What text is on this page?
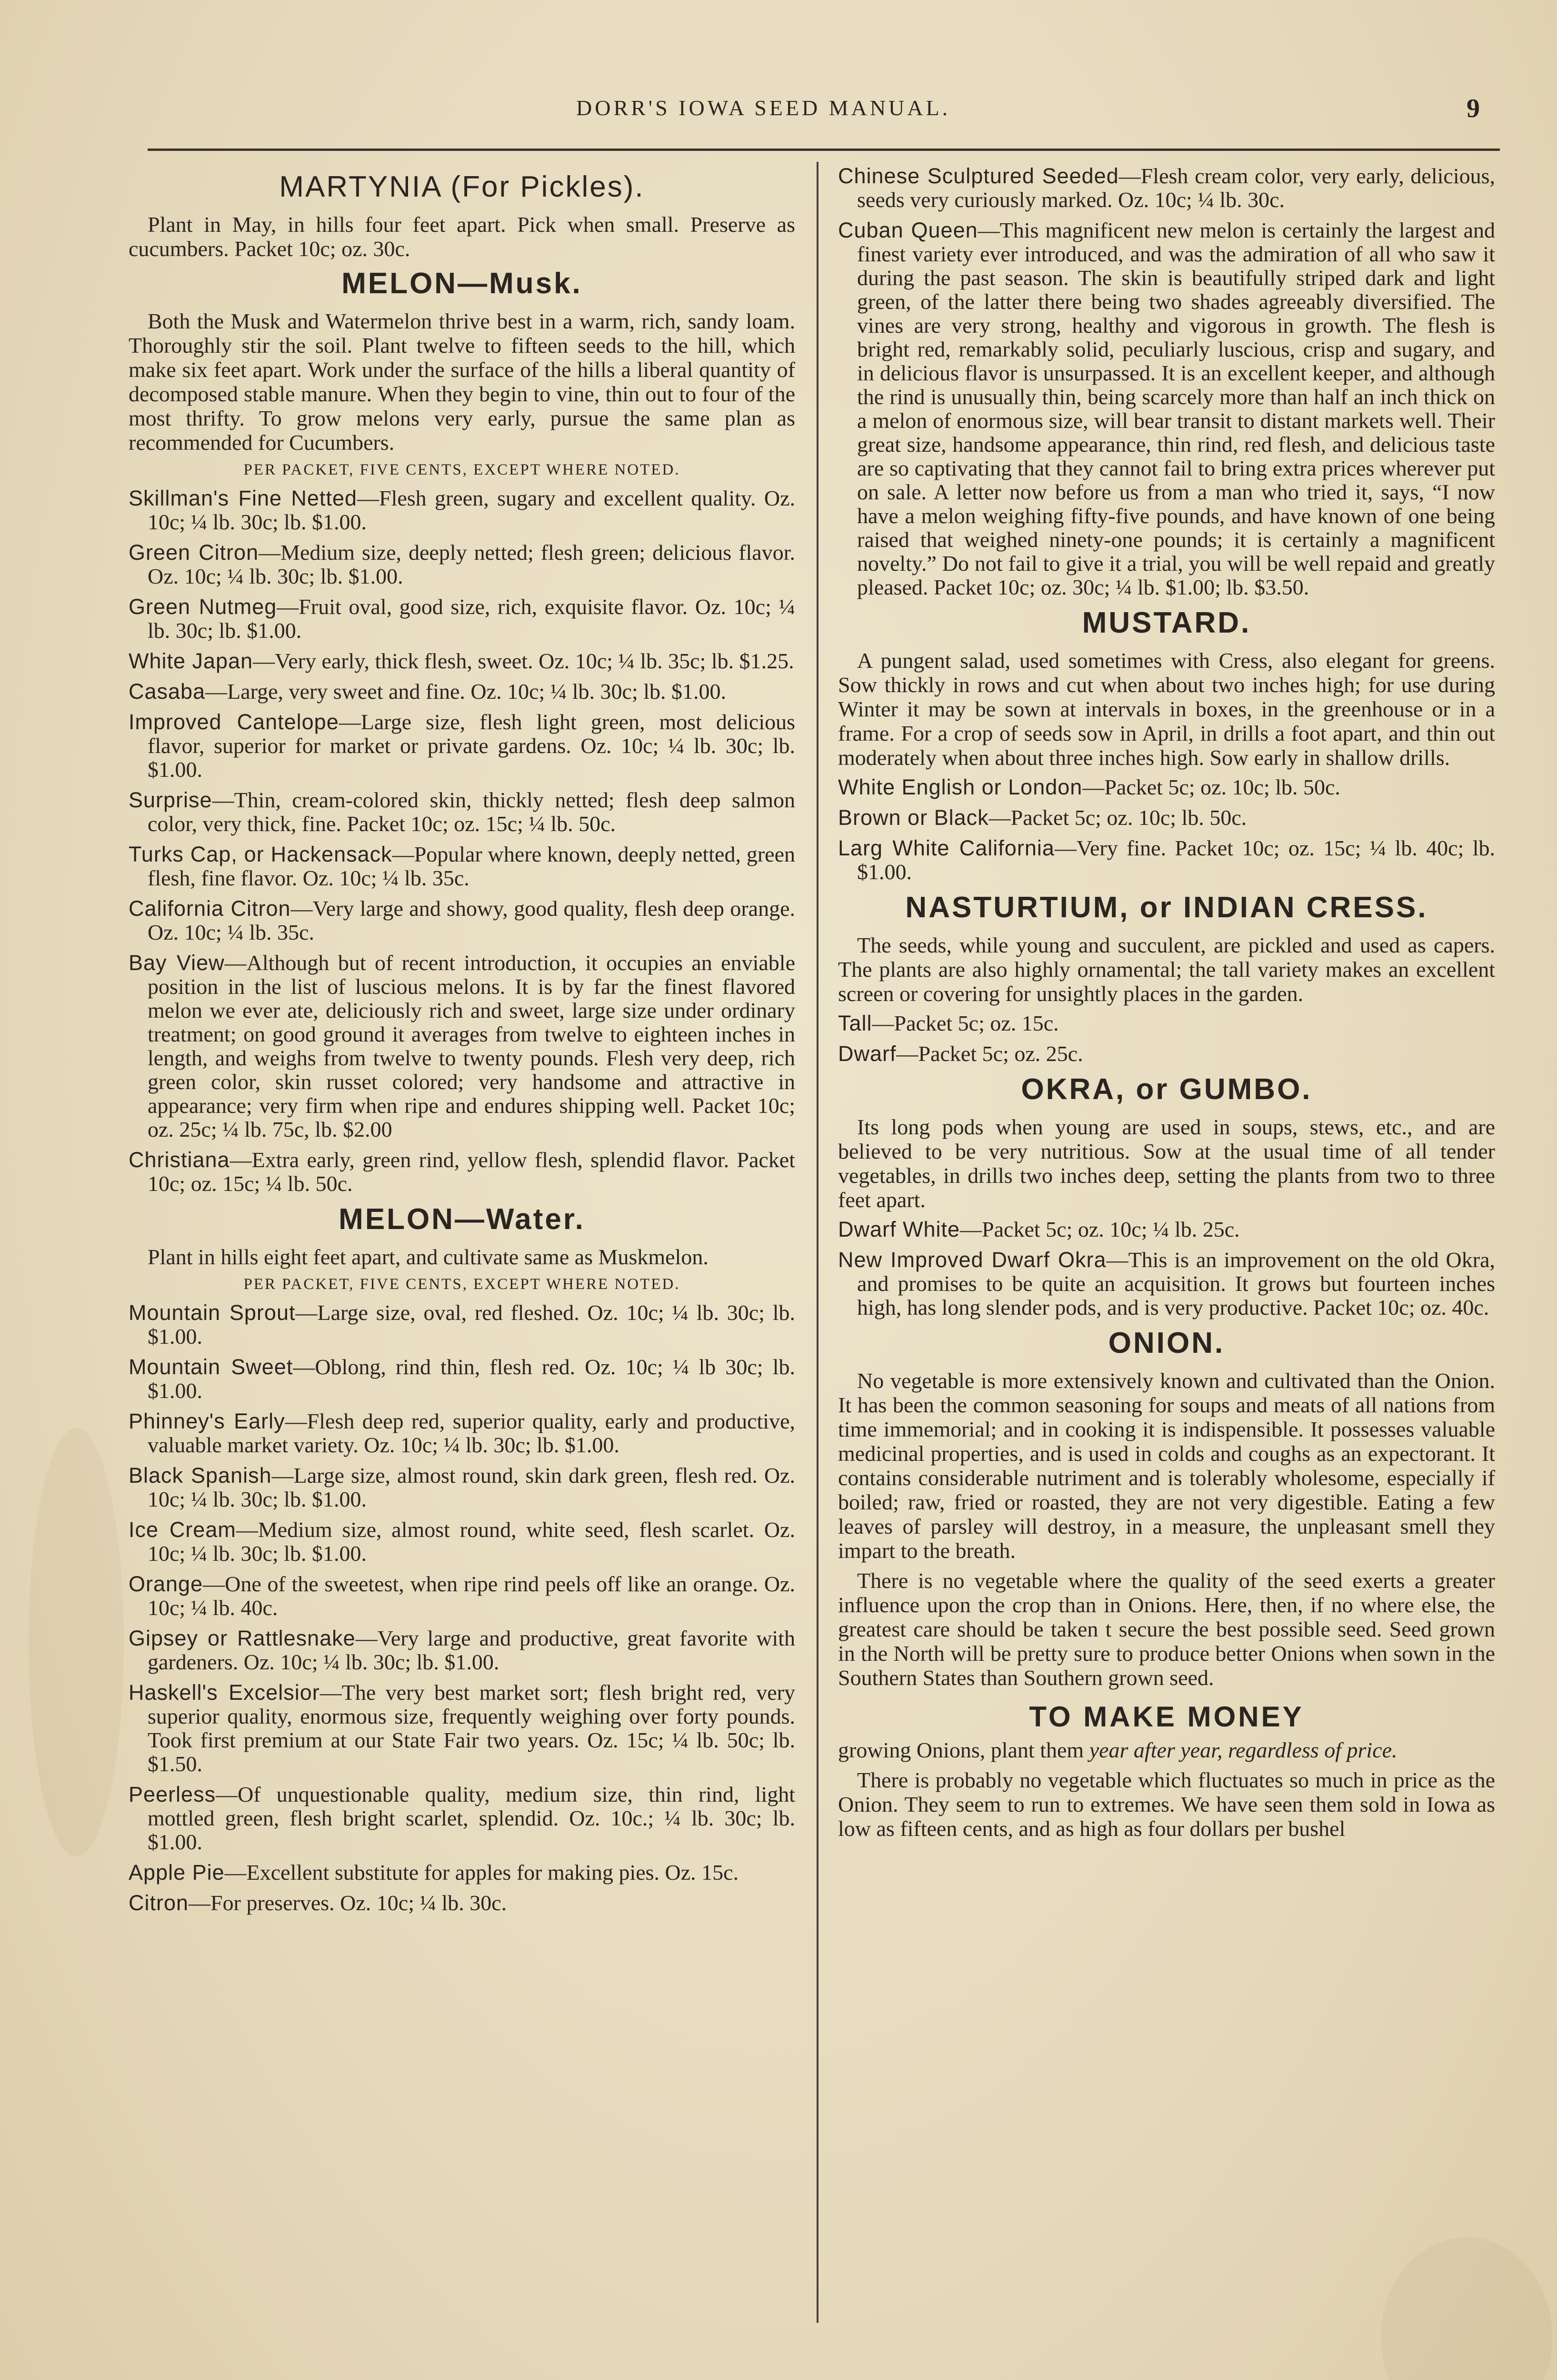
DORR'S IOWA SEED MANUAL.	9
MARTYNIA (For Pickles).

Plant in May, in hills four feet apart. Pick when small. Preserve as cucumbers. Packet 10c; oz. 30c.

MELON—Musk.

Both the Musk and Watermelon thrive best in a warm, rich, sandy loam. Thoroughly stir the soil. Plant twelve to fifteen seeds to the hill, which make six feet apart. Work under the surface of the hills a liberal quantity of decomposed stable manure. When they begin to vine, thin out to four of the most thrifty. To grow melons very early, pursue the same plan as recommended for Cucumbers.

PER PACKET, FIVE CENTS, EXCEPT WHERE NOTED.

Skillman's Fine Netted—Flesh green, sugary and excellent quality. Oz. 10c; ¼ lb. 30c; lb. $1.00.

Green Citron—Medium size, deeply netted; flesh green; delicious flavor. Oz. 10c; ¼ lb. 30c; lb. $1.00.

Green Nutmeg—Fruit oval, good size, rich, exquisite flavor. Oz. 10c; ¼ lb. 30c; lb. $1.00.

White Japan—Very early, thick flesh, sweet. Oz. 10c; ¼ lb. 35c; lb. $1.25.

Casaba—Large, very sweet and fine. Oz. 10c; ¼ lb. 30c; lb. $1.00.

Improved Cantelope—Large size, flesh light green, most delicious flavor, superior for market or private gardens. Oz. 10c; ¼ lb. 30c; lb. $1.00.

Surprise—Thin, cream-colored skin, thickly netted; flesh deep salmon color, very thick, fine. Packet 10c; oz. 15c; ¼ lb. 50c.

Turks Cap, or Hackensack—Popular where known, deeply netted, green flesh, fine flavor. Oz. 10c; ¼ lb. 35c.

California Citron—Very large and showy, good quality, flesh deep orange. Oz. 10c; ¼ lb. 35c.

Bay View—Although but of recent introduction, it occupies an enviable position in the list of luscious melons. It is by far the finest flavored melon we ever ate, deliciously rich and sweet, large size under ordinary treatment; on good ground it averages from twelve to eighteen inches in length, and weighs from twelve to twenty pounds. Flesh very deep, rich green color, skin russet colored; very handsome and attractive in appearance; very firm when ripe and endures shipping well. Packet 10c; oz. 25c; ¼ lb. 75c, lb. $2.00

Christiana—Extra early, green rind, yellow flesh, splendid flavor. Packet 10c; oz. 15c; ¼ lb. 50c.

MELON—Water.

Plant in hills eight feet apart, and cultivate same as Muskmelon.

PER PACKET, FIVE CENTS, EXCEPT WHERE NOTED.

Mountain Sprout—Large size, oval, red fleshed. Oz. 10c; ¼ lb. 30c; lb. $1.00.

Mountain Sweet—Oblong, rind thin, flesh red. Oz. 10c; ¼ lb 30c; lb. $1.00.

Phinney's Early—Flesh deep red, superior quality, early and productive, valuable market variety. Oz. 10c; ¼ lb. 30c; lb. $1.00.

Black Spanish—Large size, almost round, skin dark green, flesh red. Oz. 10c; ¼ lb. 30c; lb. $1.00.

Ice Cream—Medium size, almost round, white seed, flesh scarlet. Oz. 10c; ¼ lb. 30c; lb. $1.00.

Orange—One of the sweetest, when ripe rind peels off like an orange. Oz. 10c; ¼ lb. 40c.

Gipsey or Rattlesnake—Very large and productive, great favorite with gardeners. Oz. 10c; ¼ lb. 30c; lb. $1.00.

Haskell's Excelsior—The very best market sort; flesh bright red, very superior quality, enormous size, frequently weighing over forty pounds. Took first premium at our State Fair two years. Oz. 15c; ¼ lb. 50c; lb. $1.50.

Peerless—Of unquestionable quality, medium size, thin rind, light mottled green, flesh bright scarlet, splendid. Oz. 10c.; ¼ lb. 30c; lb. $1.00.

Apple Pie—Excellent substitute for apples for making pies. Oz. 15c.

Citron—For preserves. Oz. 10c; ¼ lb. 30c.

Chinese Sculptured Seeded—Flesh cream color, very early, delicious, seeds very curiously marked. Oz. 10c; ¼ lb. 30c.

Cuban Queen—This magnificent new melon is certainly the largest and finest variety ever introduced, and was the admiration of all who saw it during the past season. The skin is beautifully striped dark and light green, of the latter there being two shades agreeably diversified. The vines are very strong, healthy and vigorous in growth. The flesh is bright red, remarkably solid, peculiarly luscious, crisp and sugary, and in delicious flavor is unsurpassed. It is an excellent keeper, and although the rind is unusually thin, being scarcely more than half an inch thick on a melon of enormous size, will bear transit to distant markets well. Their great size, handsome appearance, thin rind, red flesh, and delicious taste are so captivating that they cannot fail to bring extra prices wherever put on sale. A letter now before us from a man who tried it, says, “I now have a melon weighing fifty-five pounds, and have known of one being raised that weighed ninety-one pounds; it is certainly a magnificent novelty.” Do not fail to give it a trial, you will be well repaid and greatly pleased. Packet 10c; oz. 30c; ¼ lb. $1.00; lb. $3.50.

MUSTARD.

A pungent salad, used sometimes with Cress, also elegant for greens. Sow thickly in rows and cut when about two inches high; for use during Winter it may be sown at intervals in boxes, in the greenhouse or in a frame. For a crop of seeds sow in April, in drills a foot apart, and thin out moderately when about three inches high. Sow early in shallow drills.

White English or London—Packet 5c; oz. 10c; lb. 50c.

Brown or Black—Packet 5c; oz. 10c; lb. 50c.

Larg White California—Very fine. Packet 10c; oz. 15c; ¼ lb. 40c; lb. $1.00.

NASTURTIUM, or INDIAN CRESS.

The seeds, while young and succulent, are pickled and used as capers. The plants are also highly ornamental; the tall variety makes an excellent screen or covering for unsightly places in the garden.

Tall—Packet 5c; oz. 15c.

Dwarf—Packet 5c; oz. 25c.

OKRA, or GUMBO.

Its long pods when young are used in soups, stews, etc., and are believed to be very nutritious. Sow at the usual time of all tender vegetables, in drills two inches deep, setting the plants from two to three feet apart.

Dwarf White—Packet 5c; oz. 10c; ¼ lb. 25c.

New Improved Dwarf Okra—This is an improvement on the old Okra, and promises to be quite an acquisition. It grows but fourteen inches high, has long slender pods, and is very productive. Packet 10c; oz. 40c.

ONION.

No vegetable is more extensively known and cultivated than the Onion. It has been the common seasoning for soups and meats of all nations from time immemorial; and in cooking it is indispensible. It possesses valuable medicinal properties, and is used in colds and coughs as an expectorant. It contains considerable nutriment and is tolerably wholesome, especially if boiled; raw, fried or roasted, they are not very digestible. Eating a few leaves of parsley will destroy, in a measure, the unpleasant smell they impart to the breath.

There is no vegetable where the quality of the seed exerts a greater influence upon the crop than in Onions. Here, then, if no where else, the greatest care should be taken t secure the best possible seed. Seed grown in the North will be pretty sure to produce better Onions when sown in the Southern States than Southern grown seed.

TO MAKE MONEY

growing Onions, plant them year after year, regardless of price.

There is probably no vegetable which fluctuates so much in price as the Onion. They seem to run to extremes. We have seen them sold in Iowa as low as fifteen cents, and as high as four dollars per bushel
